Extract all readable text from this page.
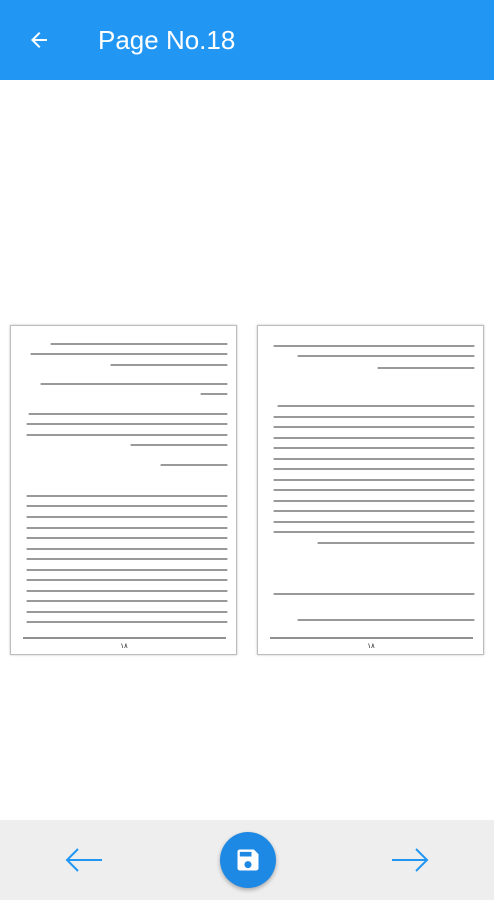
Page No.18
۱۸	۱۸
